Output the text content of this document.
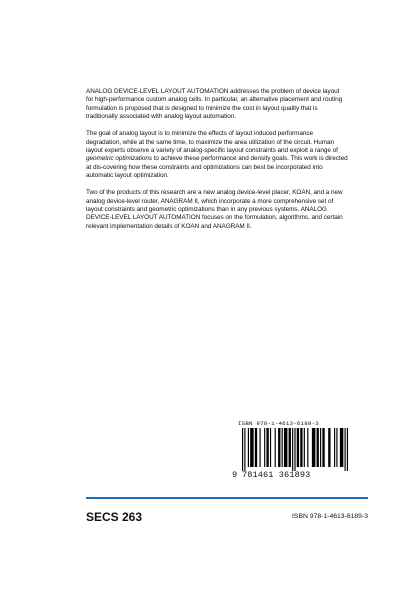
ANALOG DEVICE-LEVEL LAYOUT AUTOMATION addresses the problem of device layout for high-performance custom analog cells. In particular, an alternative placement and routing formulation is proposed that is designed to minimize the cost in layout quality that is traditionally associated with analog layout automation.

The goal of analog layout is to minimize the effects of layout induced performance degradation, while at the same time, to maximize the area utilization of the circuit. Human layout experts observe a variety of analog-specific layout constraints and exploit a range of geometric optimizations to achieve these performance and density goals. This work is directed at dis-covering how these constraints and optimizations can best be incorporated into automatic layout optimization.

Two of the products of this research are a new analog device-level placer, KOAN, and a new analog device-level router, ANAGRAM II, which incorporate a more comprehensive set of layout constraints and geometric optimizations than in any previous systems. ANALOG DEVICE-LEVEL LAYOUT AUTOMATION focuses on the formulation, algorithms, and certain relevant implementation details of KOAN and ANAGRAM II.

ISBN 978-1-4613-6189-3
9 781461 361893
SECS 263	ISBN 978-1-4613-6189-3
